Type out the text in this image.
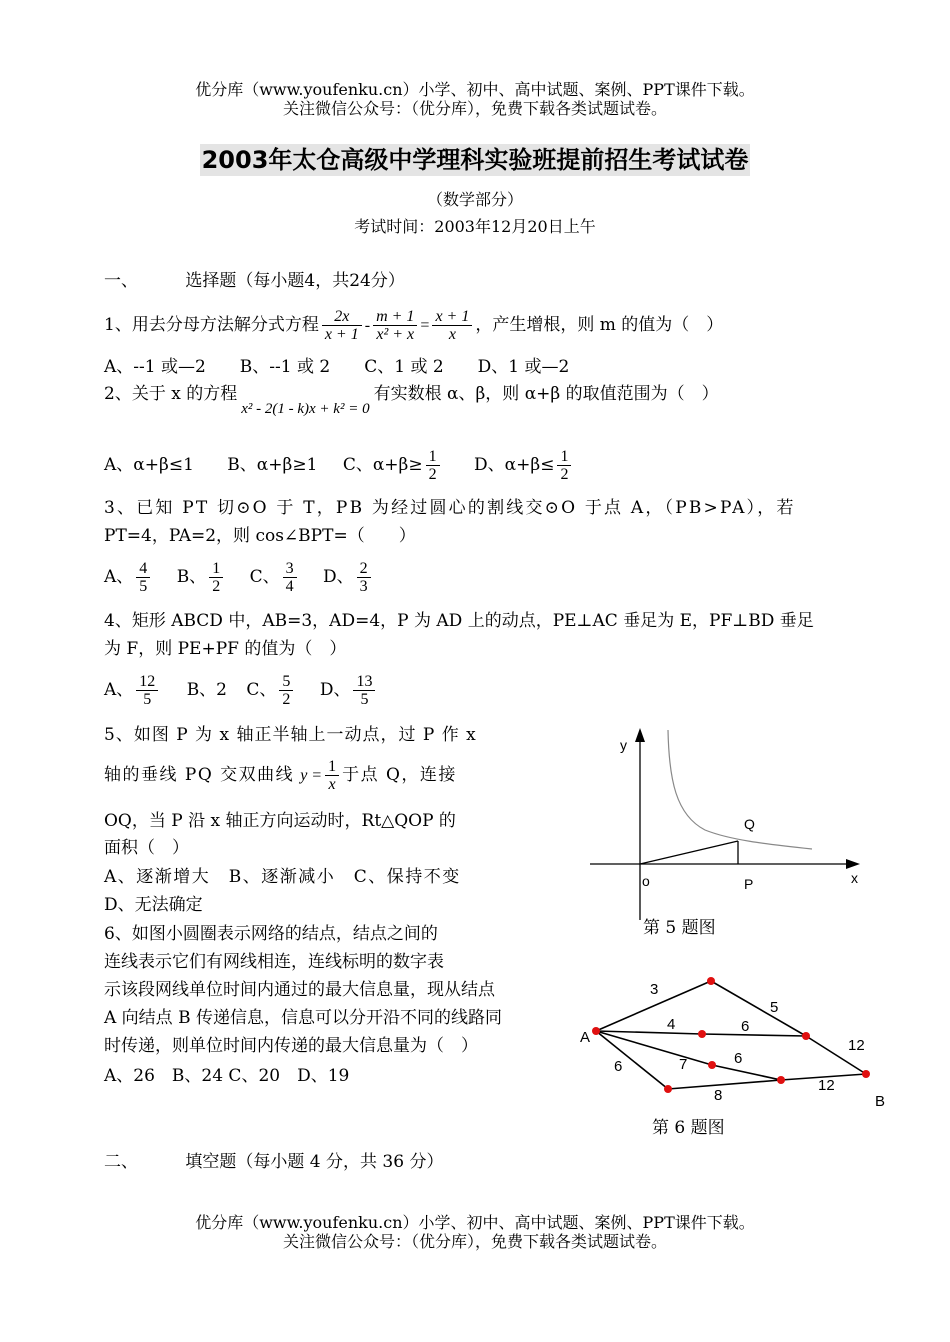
优分库（www.youfenku.cn）小学、初中、高中试题、案例、PPT课件下载。
关注微信公众号：（优分库），免费下载各类试题试卷。
2003年太仓高级中学理科实验班提前招生考试试卷
（数学部分）
考试时间：2003年12月20日上午
一、	选择题（每小题4，共24分）
1、用去分母方法解分式方程 $\frac{2x}{x + 1} - \frac{m + 1}{\text{x² + x}} = \frac{x + 1}{x}$ ，产生增根，则 m 的值为（　）
A、--1 或—2　　B、--1 或 2　　C、1 或 2　　D、1 或—2
2、关于 x 的方程x² - 2(1 - k)x + k² = 0有实数根 α、β，则 α+β 的取值范围为（　）
A、α+β≤1 B、α+β≥1 C、$\alpha+\beta\ge \frac{1}{2}$ D、$\alpha+\beta\le \frac{1}{2}$
3、已知 PT 切⊙O 于 T，PB 为经过圆心的割线交⊙O 于点 A，（PB>PA），若
PT=4，PA=2，则 cos∠BPT=（　　）
A、 $\frac{4}{5}$ B、 $\frac{1}{2}$ C、 $\frac{3}{4}$ D、 $\frac{2}{3}$
4、矩形 ABCD 中，AB=3，AD=4，P 为 AD 上的动点，PE⊥AC 垂足为 E，PF⊥BD 垂足
为 F，则 PE+PF 的值为（　）
A、 $\frac{12}{5}$ B、2 C、 $\frac{5}{2}$ D、 $\frac{13}{5}$
5、如图 P 为 x 轴正半轴上一动点，过 P 作 x
轴的垂线 PQ 交双曲线 $y = \frac{1}{x}$ 于点 Q，连接
OQ，当 P 沿 x 轴正方向运动时，Rt△QOP 的
面积（　）
A、逐渐增大　B、逐渐减小　C、保持不变
D、无法确定
y
Q
o	P	x
第 5 题图
6、如图小圆圈表示网络的结点，结点之间的
连线表示它们有网线相连，连线标明的数字表
示该段网线单位时间内通过的最大信息量，现从结点
A 向结点 B 传递信息，信息可以分开沿不同的线路同
时传递，则单位时间内传递的最大信息量为（　）
A、26　B、24 C、20　D、19
A
B
3
5
4	6
12
7	6
6
12
8
第 6 题图
二、	填空题（每小题 4 分，共 36 分）
优分库（www.youfenku.cn）小学、初中、高中试题、案例、PPT课件下载。
关注微信公众号：（优分库），免费下载各类试题试卷。
